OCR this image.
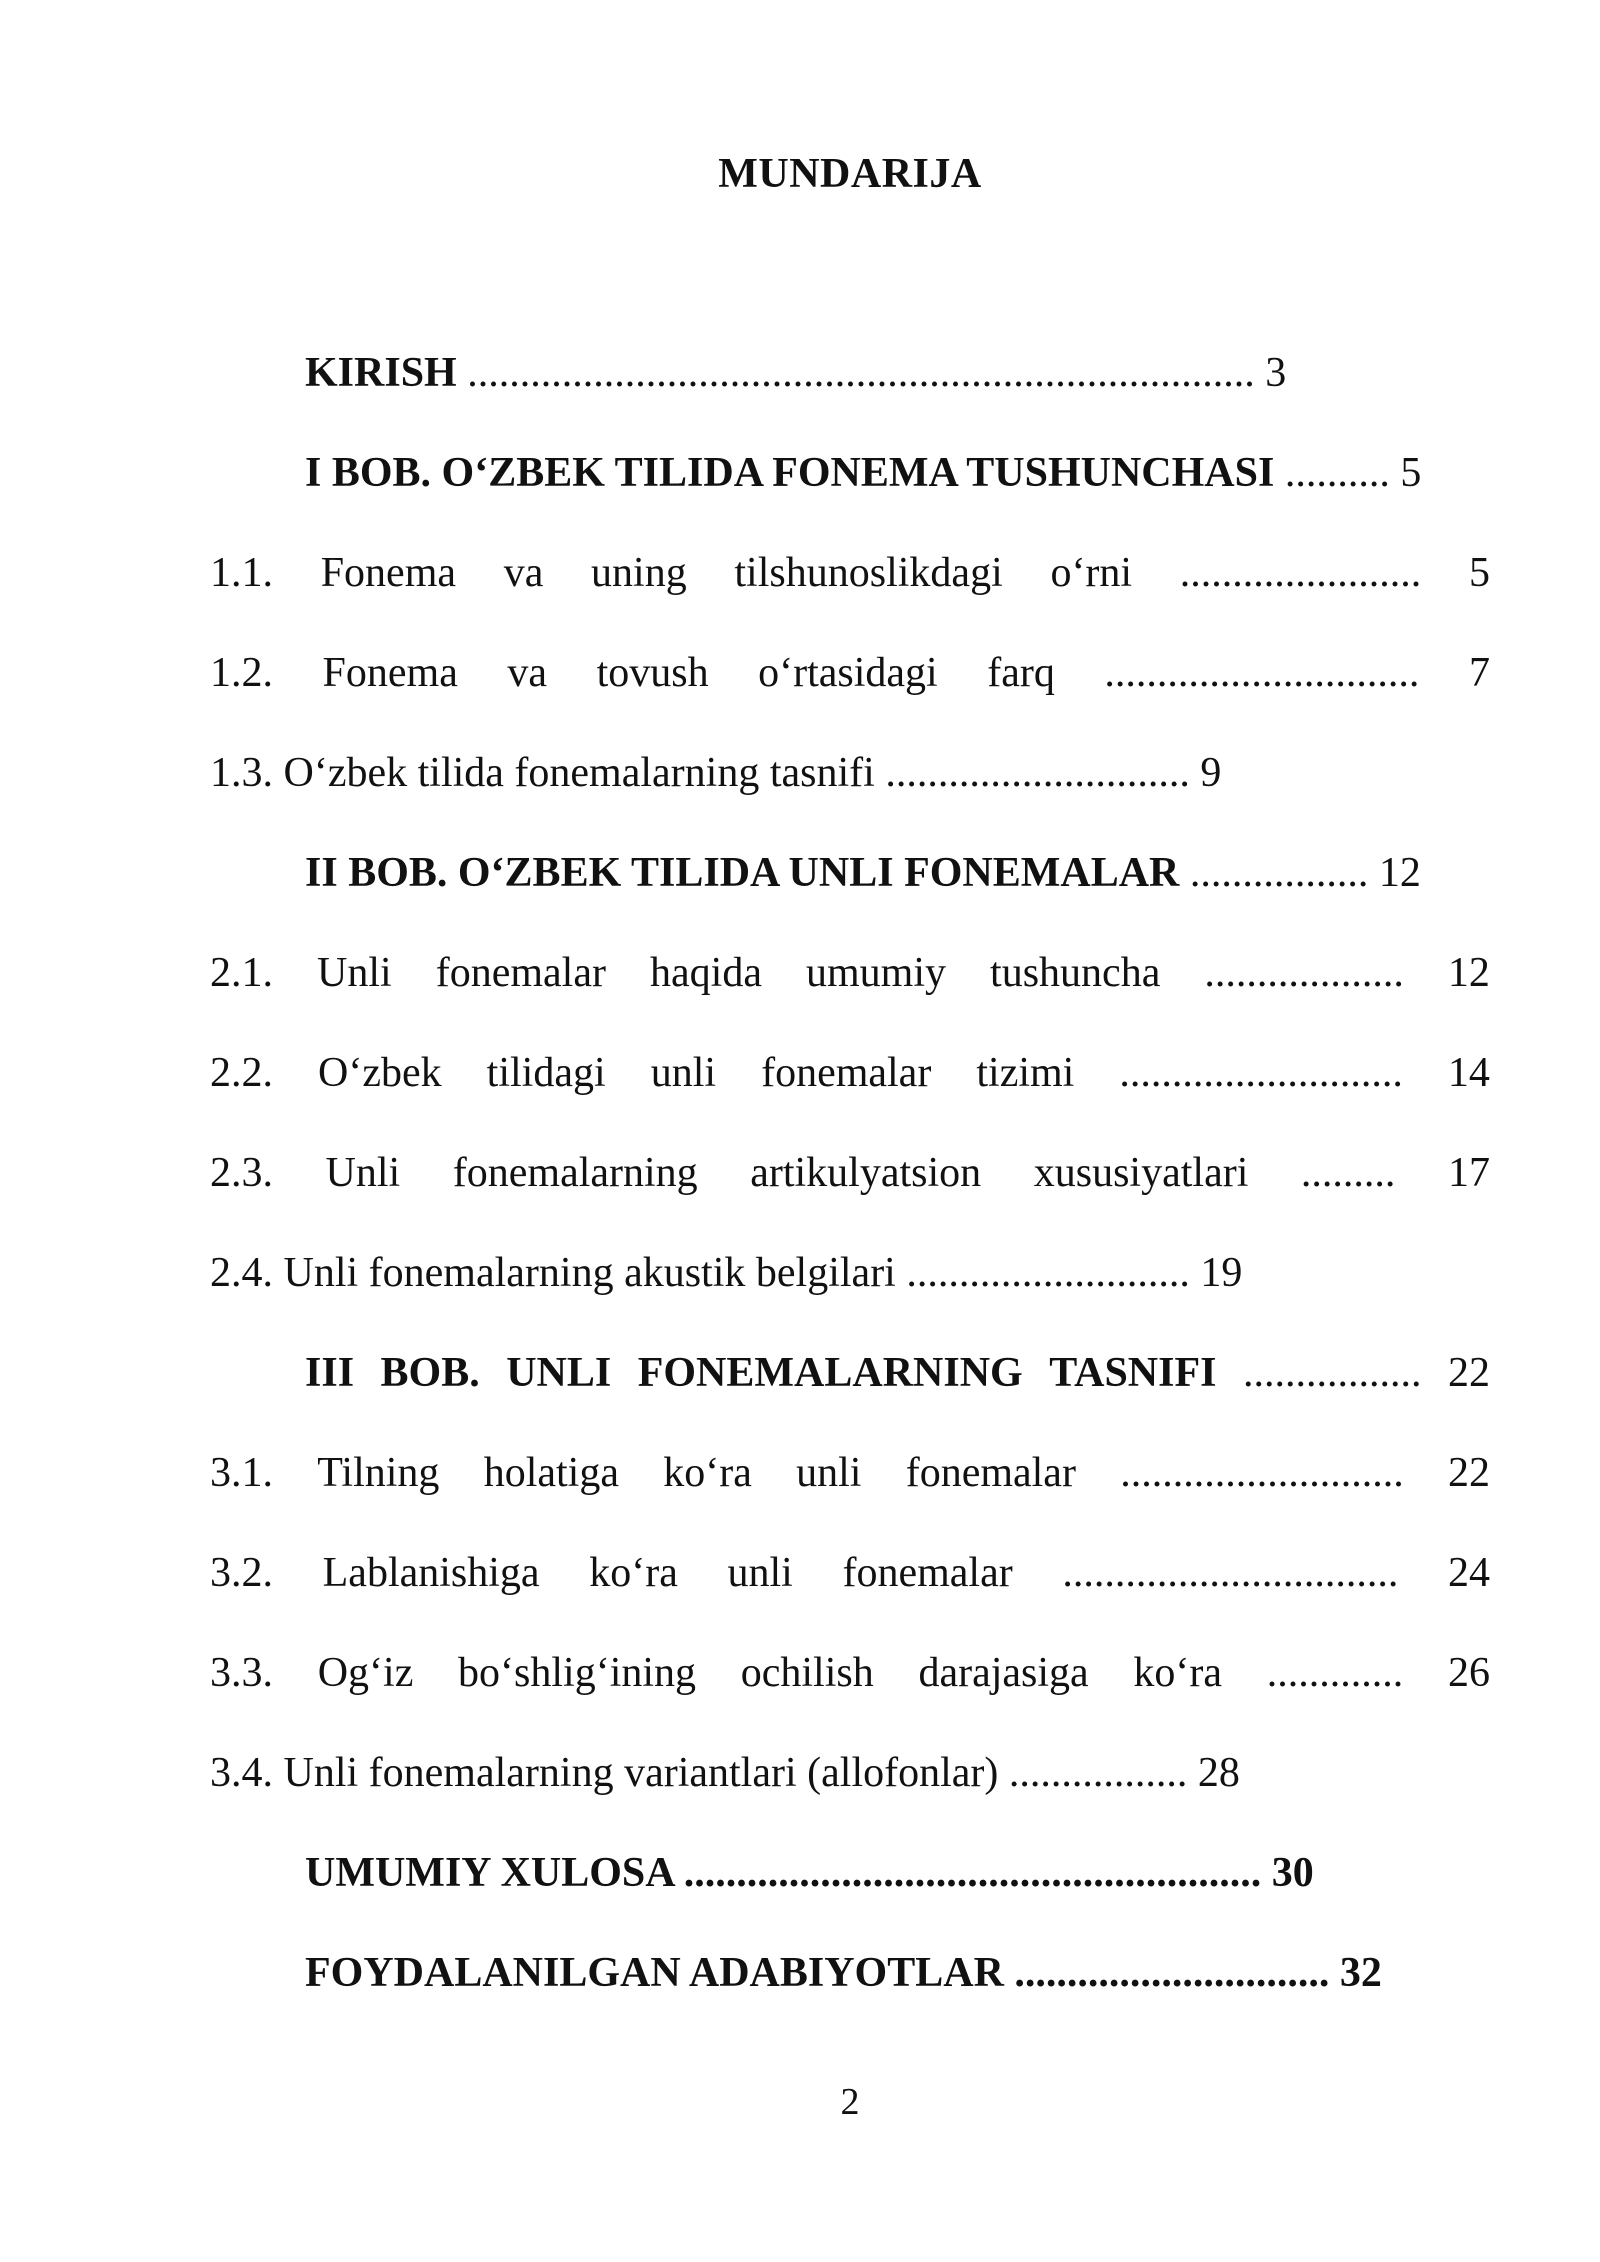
MUNDARIJA
KIRISH ........................................................................... 3
I BOB. O‘ZBEK TILIDA FONEMA TUSHUNCHASI .......... 5
1.1. Fonema va uning tilshunoslikdagi o‘rni ....................... 5
1.2. Fonema va tovush o‘rtasidagi farq .............................. 7
1.3. O‘zbek tilida fonemalarning tasnifi ............................. 9
II BOB. O‘ZBEK TILIDA UNLI FONEMALAR ................. 12
2.1. Unli fonemalar haqida umumiy tushuncha ................... 12
2.2. O‘zbek tilidagi unli fonemalar tizimi ........................... 14
2.3. Unli fonemalarning artikulyatsion xususiyatlari ......... 17
2.4. Unli fonemalarning akustik belgilari ........................... 19
III BOB. UNLI FONEMALARNING TASNIFI ................. 22
3.1. Tilning holatiga ko‘ra unli fonemalar ........................... 22
3.2. Lablanishiga ko‘ra unli fonemalar ................................ 24
3.3. Og‘iz bo‘shlig‘ining ochilish darajasiga ko‘ra ............. 26
3.4. Unli fonemalarning variantlari (allofonlar) ................. 28
UMUMIY XULOSA ....................................................... 30
FOYDALANILGAN ADABIYOTLAR .............................. 32
2
